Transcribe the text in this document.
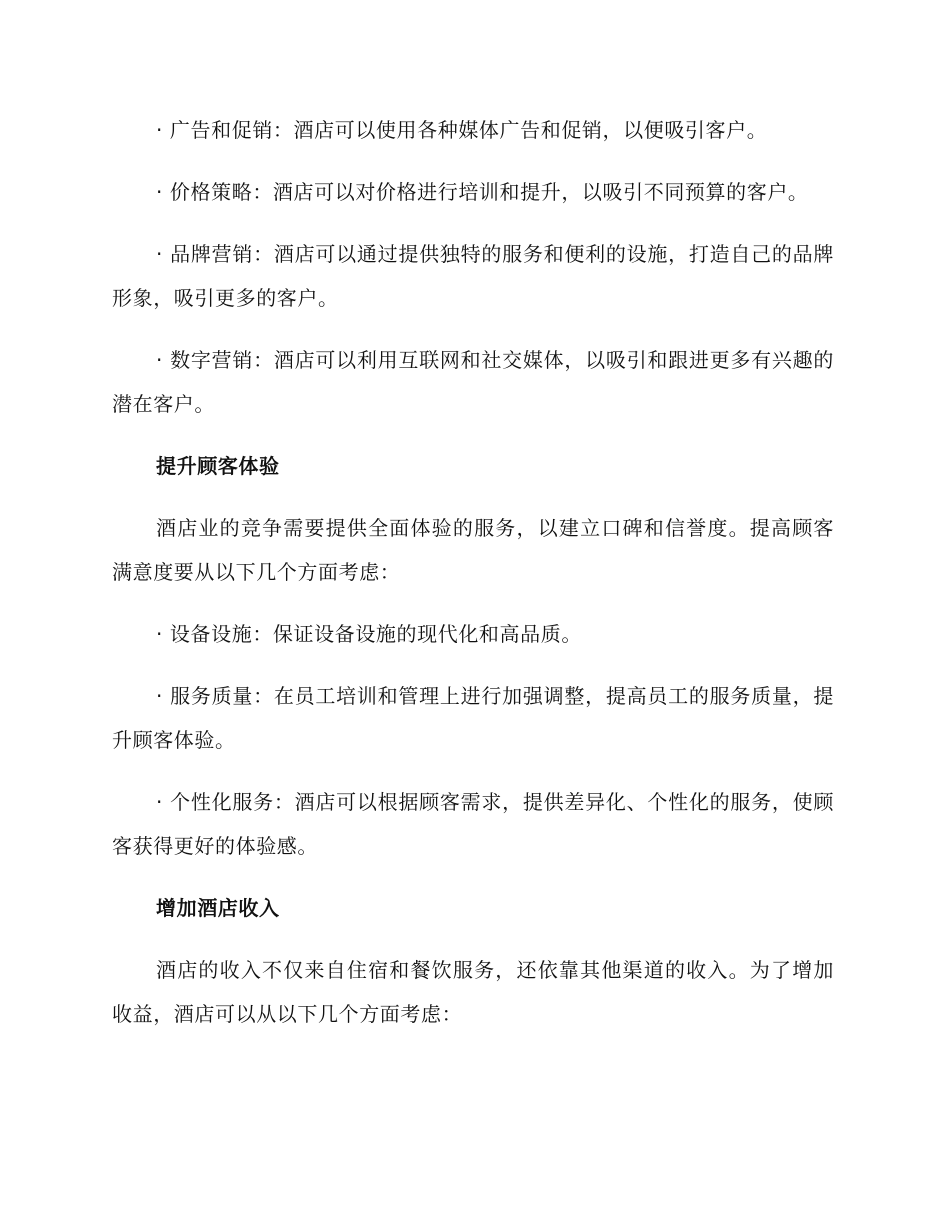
· 广告和促销：酒店可以使用各种媒体广告和促销，以便吸引客户。

· 价格策略：酒店可以对价格进行培训和提升，以吸引不同预算的客户。

· 品牌营销：酒店可以通过提供独特的服务和便利的设施，打造自己的品牌形象，吸引更多的客户。

· 数字营销：酒店可以利用互联网和社交媒体，以吸引和跟进更多有兴趣的潜在客户。

提升顾客体验

酒店业的竞争需要提供全面体验的服务，以建立口碑和信誉度。提高顾客满意度要从以下几个方面考虑：

· 设备设施：保证设备设施的现代化和高品质。

· 服务质量：在员工培训和管理上进行加强调整，提高员工的服务质量，提升顾客体验。

· 个性化服务：酒店可以根据顾客需求，提供差异化、个性化的服务，使顾客获得更好的体验感。

增加酒店收入

酒店的收入不仅来自住宿和餐饮服务，还依靠其他渠道的收入。为了增加收益，酒店可以从以下几个方面考虑：
